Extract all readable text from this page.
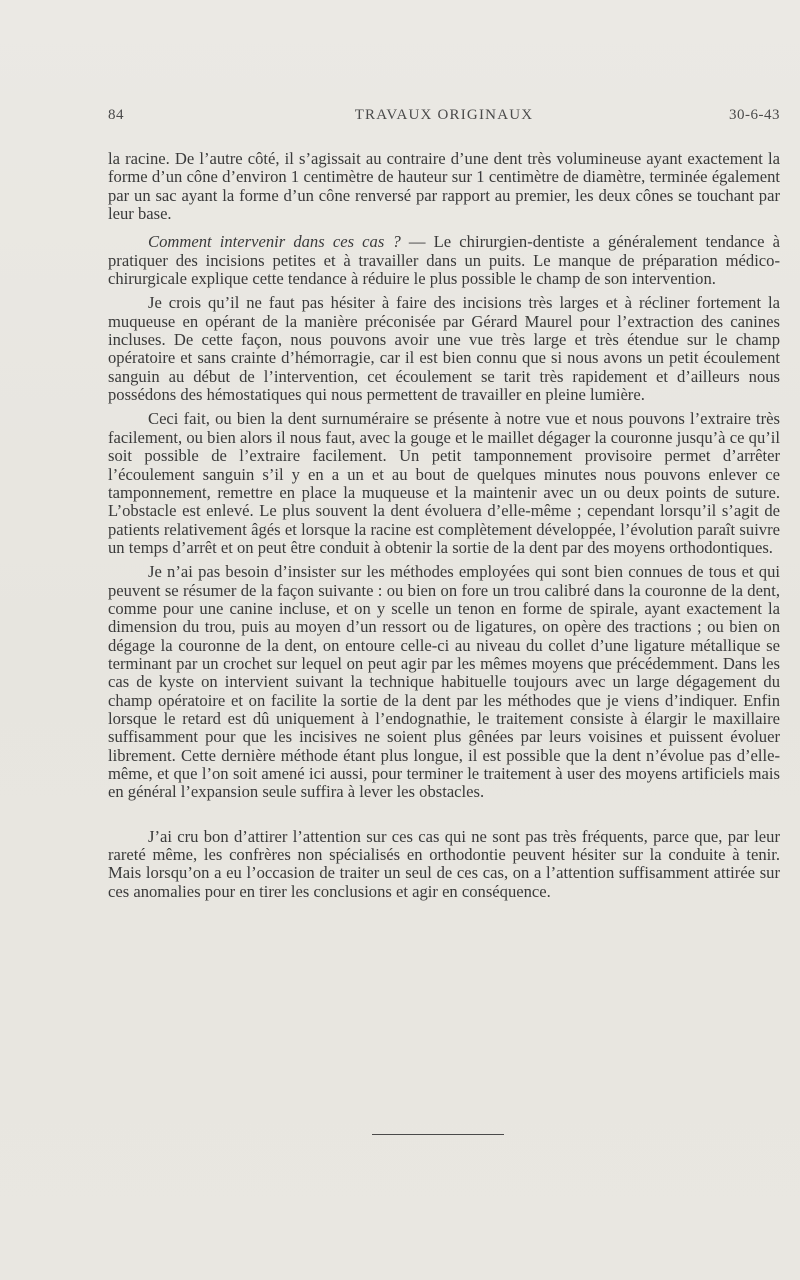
84	TRAVAUX ORIGINAUX	30-6-43

la racine. De l’autre côté, il s’agissait au contraire d’une dent très volumineuse ayant exactement la forme d’un cône d’environ 1 centimètre de hauteur sur 1 centimètre de diamètre, terminée également par un sac ayant la forme d’un cône renversé par rapport au premier, les deux cônes se touchant par leur base.

Comment intervenir dans ces cas ? — Le chirurgien-dentiste a généralement tendance à pratiquer des incisions petites et à travailler dans un puits. Le manque de préparation médico-chirurgicale explique cette tendance à réduire le plus possible le champ de son intervention.

Je crois qu’il ne faut pas hésiter à faire des incisions très larges et à récliner fortement la muqueuse en opérant de la manière préconisée par Gérard Maurel pour l’extraction des canines incluses. De cette façon, nous pouvons avoir une vue très large et très étendue sur le champ opératoire et sans crainte d’hémorragie, car il est bien connu que si nous avons un petit écoulement sanguin au début de l’intervention, cet écoulement se tarit très rapidement et d’ailleurs nous possédons des hémostatiques qui nous permettent de travailler en pleine lumière.

Ceci fait, ou bien la dent surnuméraire se présente à notre vue et nous pouvons l’extraire très facilement, ou bien alors il nous faut, avec la gouge et le maillet dégager la couronne jusqu’à ce qu’il soit possible de l’extraire facilement. Un petit tamponnement provisoire permet d’arrêter l’écoulement sanguin s’il y en a un et au bout de quelques minutes nous pouvons enlever ce tamponnement, remettre en place la muqueuse et la maintenir avec un ou deux points de suture. L’obstacle est enlevé. Le plus souvent la dent évoluera d’elle-même ; cependant lorsqu’il s’agit de patients relativement âgés et lorsque la racine est complètement développée, l’évolution paraît suivre un temps d’arrêt et on peut être conduit à obtenir la sortie de la dent par des moyens orthodontiques.

Je n’ai pas besoin d’insister sur les méthodes employées qui sont bien connues de tous et qui peuvent se résumer de la façon suivante : ou bien on fore un trou calibré dans la couronne de la dent, comme pour une canine incluse, et on y scelle un tenon en forme de spirale, ayant exactement la dimension du trou, puis au moyen d’un ressort ou de ligatures, on opère des tractions ; ou bien on dégage la couronne de la dent, on entoure celle-ci au niveau du collet d’une ligature métallique se terminant par un crochet sur lequel on peut agir par les mêmes moyens que précédemment. Dans les cas de kyste on intervient suivant la technique habituelle toujours avec un large dégagement du champ opératoire et on facilite la sortie de la dent par les méthodes que je viens d’indiquer. Enfin lorsque le retard est dû uniquement à l’endognathie, le traitement consiste à élargir le maxillaire suffisamment pour que les incisives ne soient plus gênées par leurs voisines et puissent évoluer librement. Cette dernière méthode étant plus longue, il est possible que la dent n’évolue pas d’elle-même, et que l’on soit amené ici aussi, pour terminer le traitement à user des moyens artificiels mais en général l’expansion seule suffira à lever les obstacles.

J’ai cru bon d’attirer l’attention sur ces cas qui ne sont pas très fréquents, parce que, par leur rareté même, les confrères non spécialisés en orthodontie peuvent hésiter sur la conduite à tenir. Mais lorsqu’on a eu l’occasion de traiter un seul de ces cas, on a l’attention suffisamment attirée sur ces anomalies pour en tirer les conclusions et agir en conséquence.
